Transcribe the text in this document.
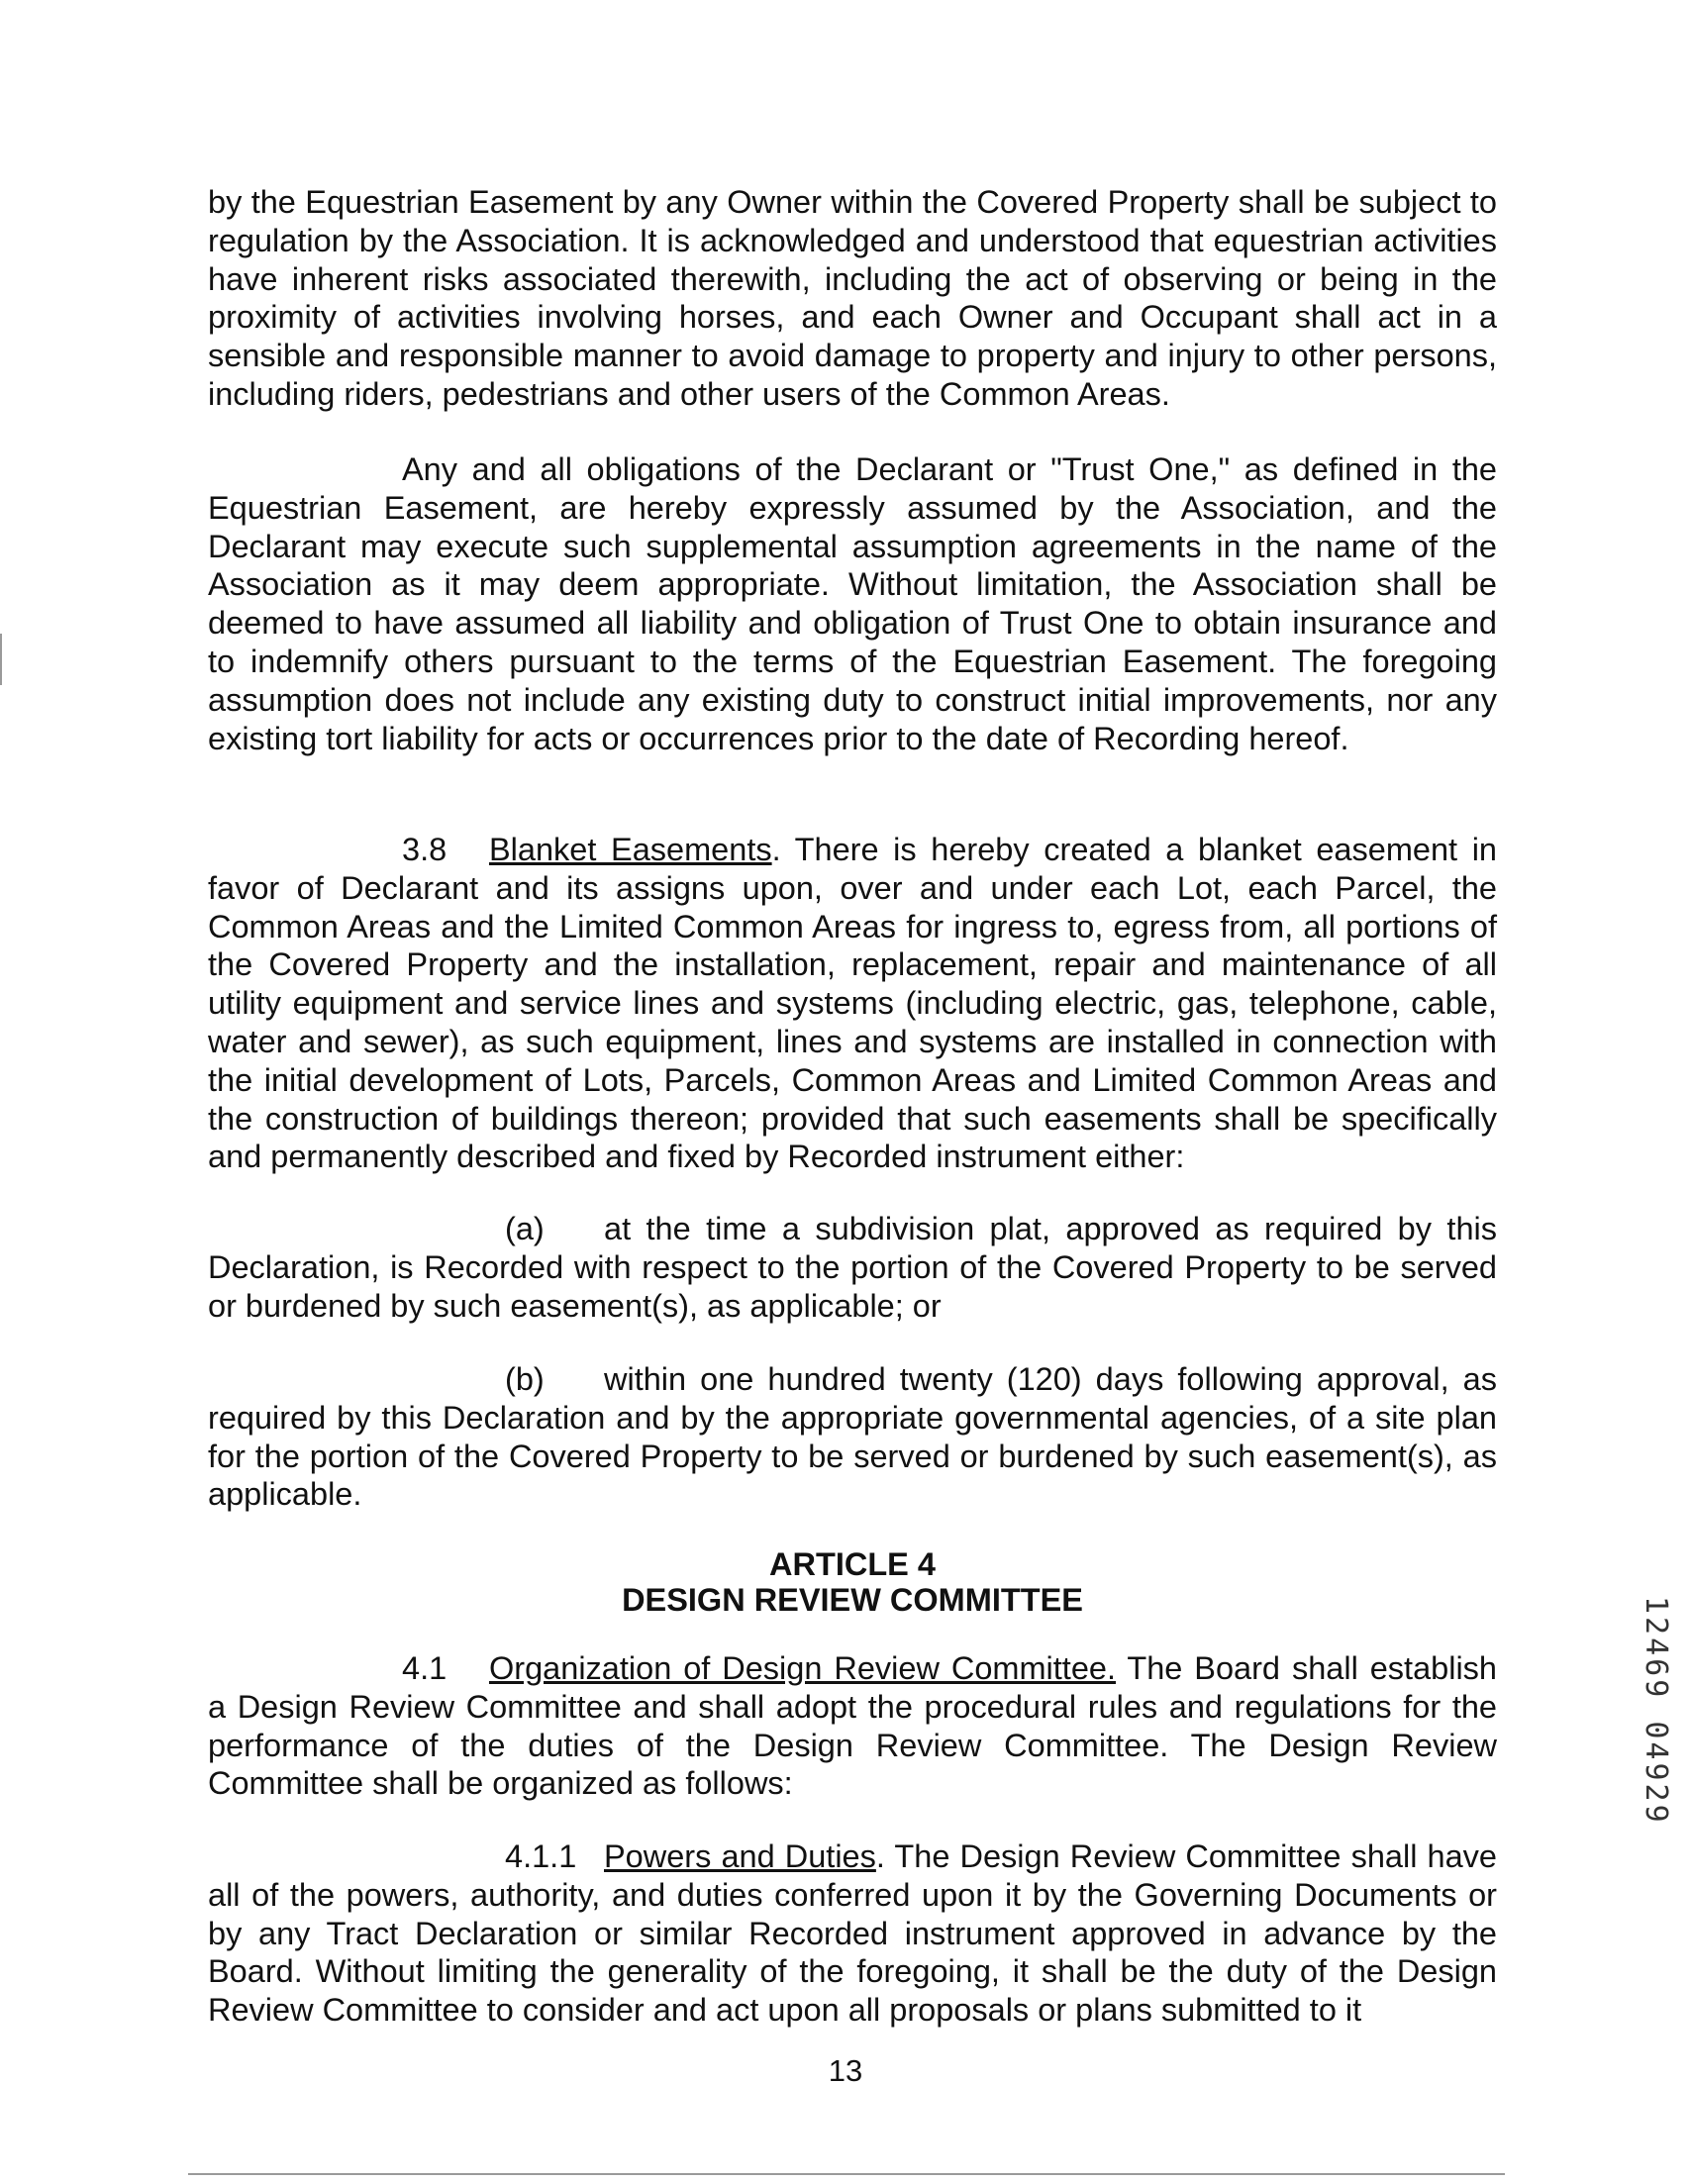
by the Equestrian Easement by any Owner within the Covered Property shall be subject to regulation by the Association. It is acknowledged and understood that equestrian activities have inherent risks associated therewith, including the act of observing or being in the proximity of activities involving horses, and each Owner and Occupant shall act in a sensible and responsible manner to avoid damage to property and injury to other persons, including riders, pedestrians and other users of the Common Areas.

Any and all obligations of the Declarant or "Trust One," as defined in the Equestrian Easement, are hereby expressly assumed by the Association, and the Declarant may execute such supplemental assumption agreements in the name of the Association as it may deem appropriate. Without limitation, the Association shall be deemed to have assumed all liability and obligation of Trust One to obtain insurance and to indemnify others pursuant to the terms of the Equestrian Easement. The foregoing assumption does not include any existing duty to construct initial improvements, nor any existing tort liability for acts or occurrences prior to the date of Recording hereof.

3.8 Blanket Easements. There is hereby created a blanket easement in favor of Declarant and its assigns upon, over and under each Lot, each Parcel, the Common Areas and the Limited Common Areas for ingress to, egress from, all portions of the Covered Property and the installation, replacement, repair and maintenance of all utility equipment and service lines and systems (including electric, gas, telephone, cable, water and sewer), as such equipment, lines and systems are installed in connection with the initial development of Lots, Parcels, Common Areas and Limited Common Areas and the construction of buildings thereon; provided that such easements shall be specifically and permanently described and fixed by Recorded instrument either:

(a) at the time a subdivision plat, approved as required by this Declaration, is Recorded with respect to the portion of the Covered Property to be served or burdened by such easement(s), as applicable; or

(b) within one hundred twenty (120) days following approval, as required by this Declaration and by the appropriate governmental agencies, of a site plan for the portion of the Covered Property to be served or burdened by such easement(s), as applicable.

ARTICLE 4

DESIGN REVIEW COMMITTEE

4.1 Organization of Design Review Committee. The Board shall establish a Design Review Committee and shall adopt the procedural rules and regulations for the performance of the duties of the Design Review Committee. The Design Review Committee shall be organized as follows:

4.1.1 Powers and Duties. The Design Review Committee shall have all of the powers, authority, and duties conferred upon it by the Governing Documents or by any Tract Declaration or similar Recorded instrument approved in advance by the Board. Without limiting the generality of the foregoing, it shall be the duty of the Design Review Committee to consider and act upon all proposals or plans submitted to it

13

12469 04929
